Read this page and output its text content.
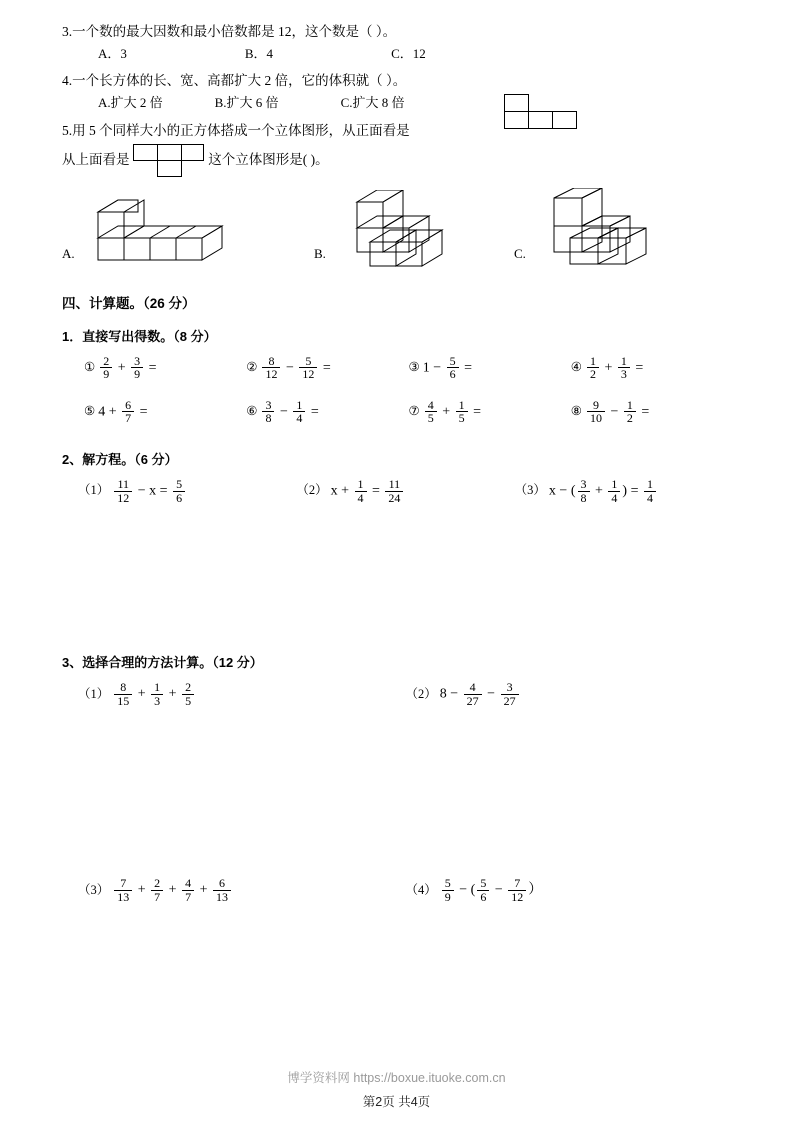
3.一个数的最大因数和最小倍数都是 12，这个数是（ ）。

A．3	B．4	C．12

4.一个长方体的长、宽、高都扩大 2 倍，它的体积就（ ）。

A.扩大 2 倍	B.扩大 6 倍	C.扩大 8 倍

5.用 5 个同样大小的正方体搭成一个立体图形，从正面看是
从上面看是	这个立体图形是( )。
A.	B.	C.
四、计算题。（26 分）
1．直接写出得数。（8 分）
① $\frac{2}{9} + \frac{3}{9}$ =	② $\frac{8}{12} - \frac{5}{12}$ =	③ $1 - \frac{5}{6}$ =	④ $\frac{1}{2} + \frac{1}{3}$ =
⑤ $4 + \frac{6}{7}$ =	⑥ $\frac{3}{8} - \frac{1}{4}$ =	⑦ $\frac{4}{5} + \frac{1}{5}$ =	⑧ $\frac{9}{10} - \frac{1}{2}$ =
2、解方程。（6 分）
$(1) \frac{11}{12} - x = \frac{5}{6}$	（2） $x + \frac{1}{4} = \frac{11}{24}$	（3） x − ( $\frac{3}{8} + \frac{1}{4}$ ) = $\frac{1}{4}$
3、选择合理的方法计算。（12 分）
$(1) \frac{8}{15} + \frac{1}{3} + \frac{2}{5}$	（2） $8 - \frac{4}{27} - \frac{3}{27}$
$(3) \frac{7}{13} + \frac{2}{7} + \frac{4}{7} + \frac{6}{13}$	$(4) \frac{5}{9}$ − ( $\frac{5}{6} - \frac{7}{12}$ ）
博学资料网 https://boxue.ituoke.com.cn
第2页 共4页
